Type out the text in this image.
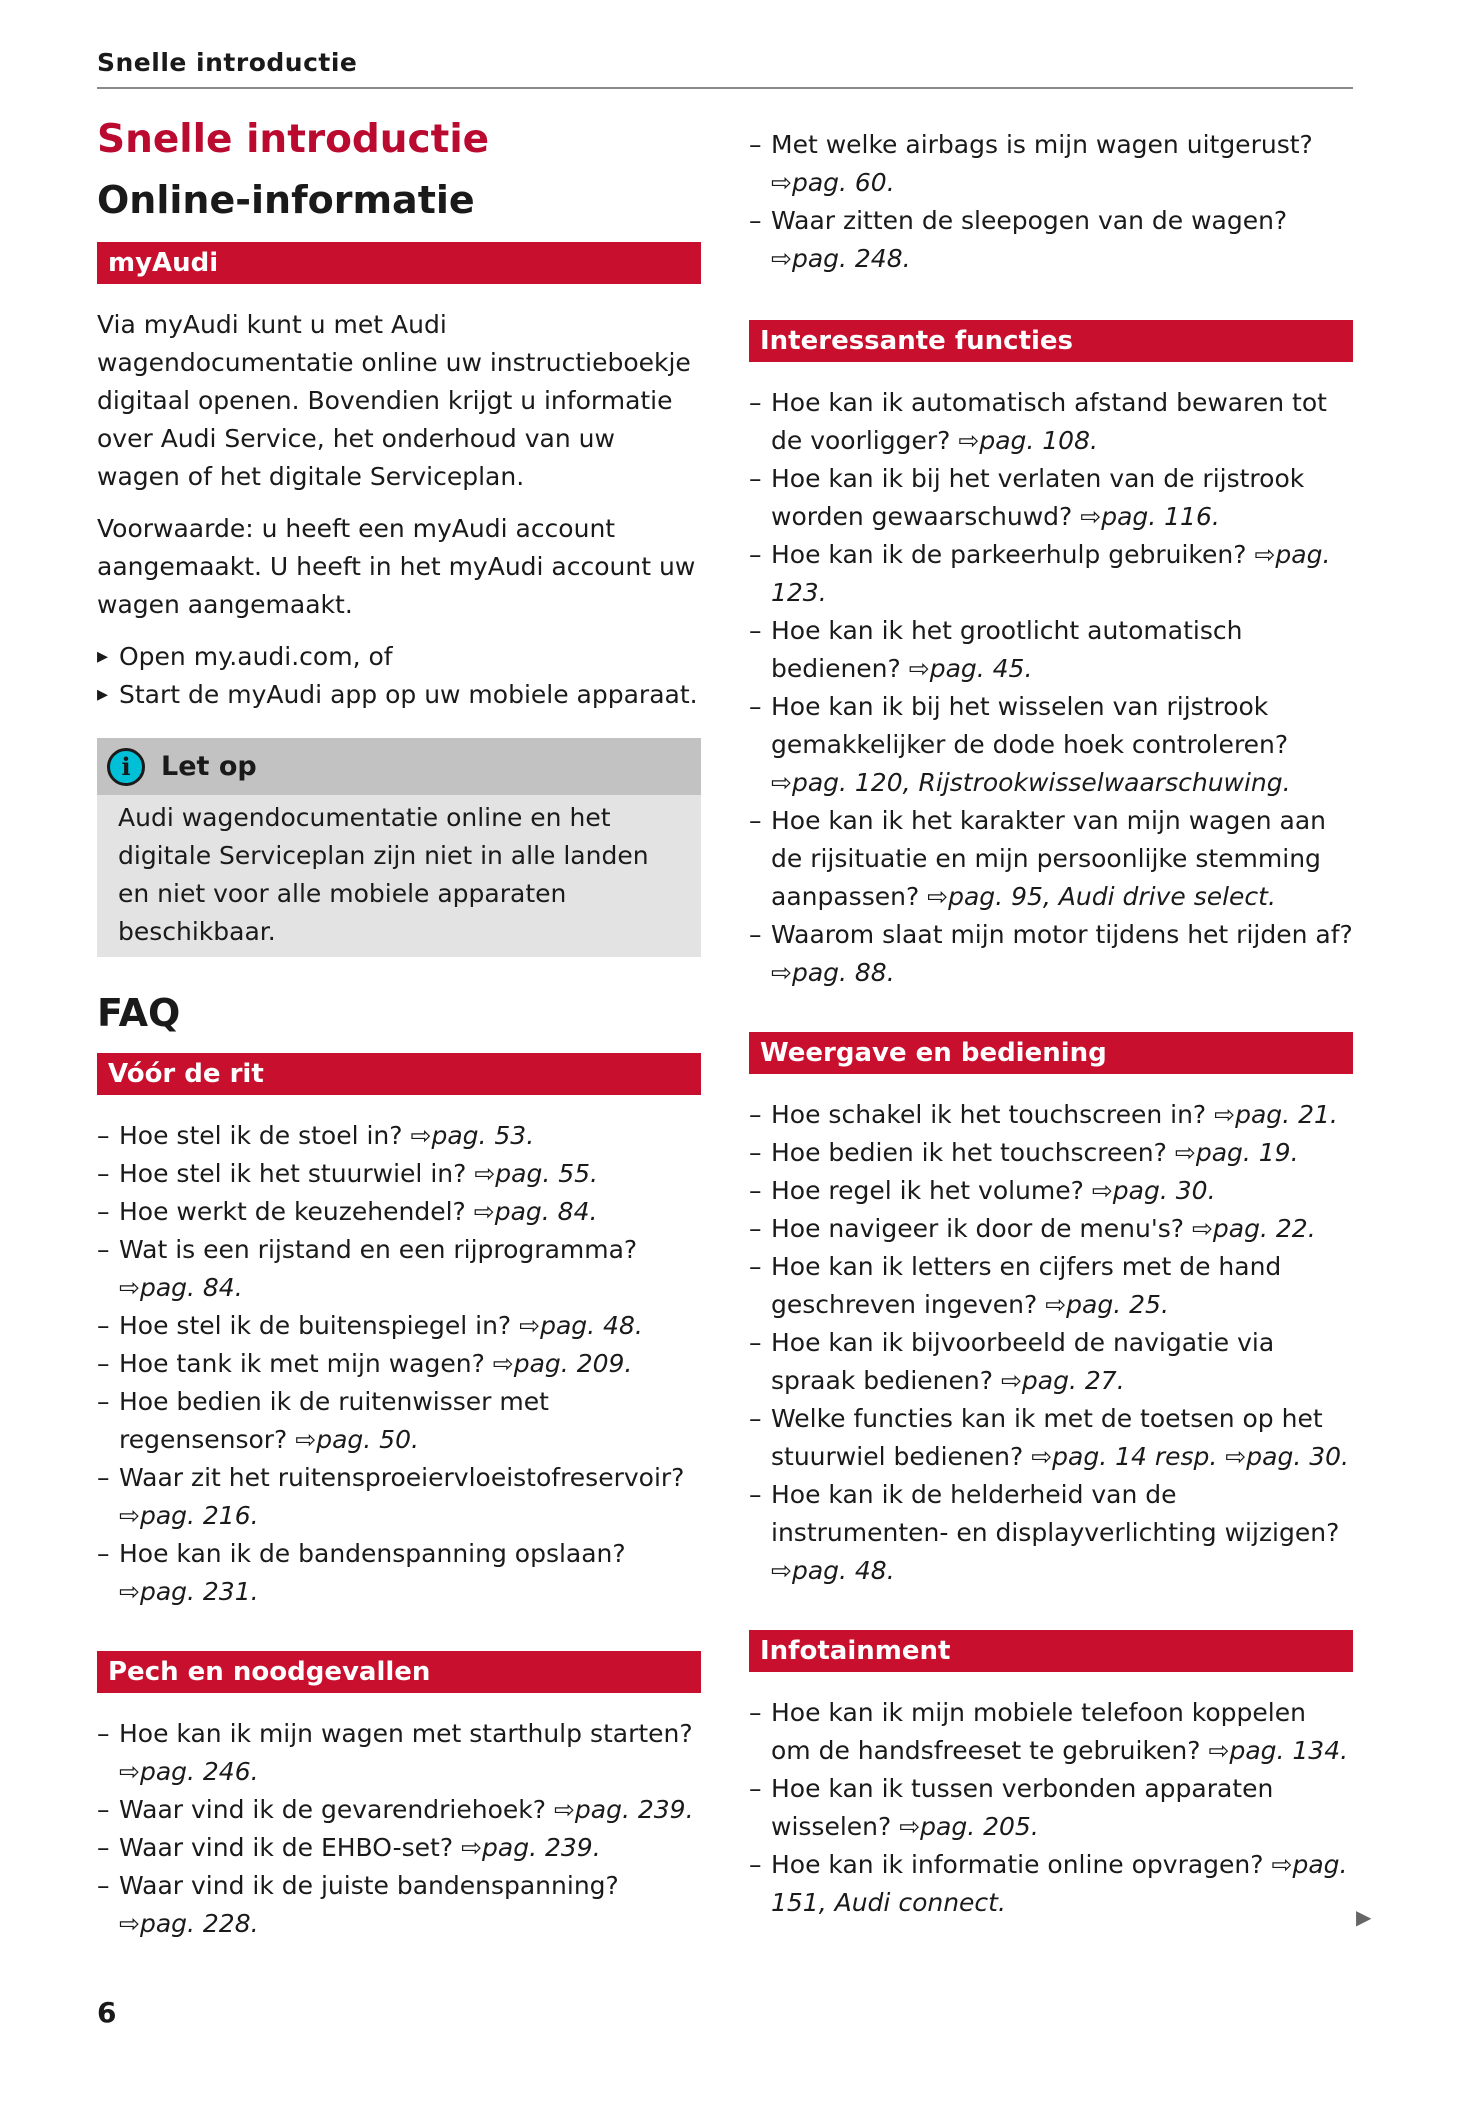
Snelle introductie
Snelle introductie
Online-informatie
myAudi

Via myAudi kunt u met Audi wagendocumentatie online uw instructieboekje digitaal openen. Bovendien krijgt u informatie over Audi Service, het onderhoud van uw wagen of het digitale Serviceplan.

Voorwaarde: u heeft een myAudi account aangemaakt. U heeft in het myAudi account uw wagen aangemaakt.

▸ Open my.audi.com, of
▸ Start de myAudi app op uw mobiele apparaat.
i	Let op
Audi wagendocumentatie online en het digitale Serviceplan zijn niet in alle landen en niet voor alle mobiele apparaten beschikbaar.
FAQ
Vóór de rit
– Hoe stel ik de stoel in? ⇨pag. 53.
– Hoe stel ik het stuurwiel in? ⇨pag. 55.
– Hoe werkt de keuzehendel? ⇨pag. 84.
– Wat is een rijstand en een rijprogramma? ⇨pag. 84.
– Hoe stel ik de buitenspiegel in? ⇨pag. 48.
– Hoe tank ik met mijn wagen? ⇨pag. 209.
– Hoe bedien ik de ruitenwisser met regensensor? ⇨pag. 50.
– Waar zit het ruitensproeiervloeistofreservoir? ⇨pag. 216.
– Hoe kan ik de bandenspanning opslaan? ⇨pag. 231.
Pech en noodgevallen
– Hoe kan ik mijn wagen met starthulp starten? ⇨pag. 246.
– Waar vind ik de gevarendriehoek? ⇨pag. 239.
– Waar vind ik de EHBO-set? ⇨pag. 239.
– Waar vind ik de juiste bandenspanning? ⇨pag. 228.
– Met welke airbags is mijn wagen uitgerust? ⇨pag. 60.
– Waar zitten de sleepogen van de wagen? ⇨pag. 248.
Interessante functies
– Hoe kan ik automatisch afstand bewaren tot de voorligger? ⇨pag. 108.
– Hoe kan ik bij het verlaten van de rijstrook worden gewaarschuwd? ⇨pag. 116.
– Hoe kan ik de parkeerhulp gebruiken? ⇨pag. 123.
– Hoe kan ik het grootlicht automatisch bedienen? ⇨pag. 45.
– Hoe kan ik bij het wisselen van rijstrook gemakkelijker de dode hoek controleren? ⇨pag. 120, Rijstrookwisselwaarschuwing.
– Hoe kan ik het karakter van mijn wagen aan de rijsituatie en mijn persoonlijke stemming aanpassen? ⇨pag. 95, Audi drive select.
– Waarom slaat mijn motor tijdens het rijden af? ⇨pag. 88.
Weergave en bediening
– Hoe schakel ik het touchscreen in? ⇨pag. 21.
– Hoe bedien ik het touchscreen? ⇨pag. 19.
– Hoe regel ik het volume? ⇨pag. 30.
– Hoe navigeer ik door de menu's? ⇨pag. 22.
– Hoe kan ik letters en cijfers met de hand geschreven ingeven? ⇨pag. 25.
– Hoe kan ik bijvoorbeeld de navigatie via spraak bedienen? ⇨pag. 27.
– Welke functies kan ik met de toetsen op het stuurwiel bedienen? ⇨pag. 14 resp. ⇨pag. 30.
– Hoe kan ik de helderheid van de instrumenten- en displayverlichting wijzigen? ⇨pag. 48.
Infotainment
– Hoe kan ik mijn mobiele telefoon koppelen om de handsfreeset te gebruiken? ⇨pag. 134.
– Hoe kan ik tussen verbonden apparaten wisselen? ⇨pag. 205.
– Hoe kan ik informatie online opvragen? ⇨pag. 151, Audi connect.	▶
6
